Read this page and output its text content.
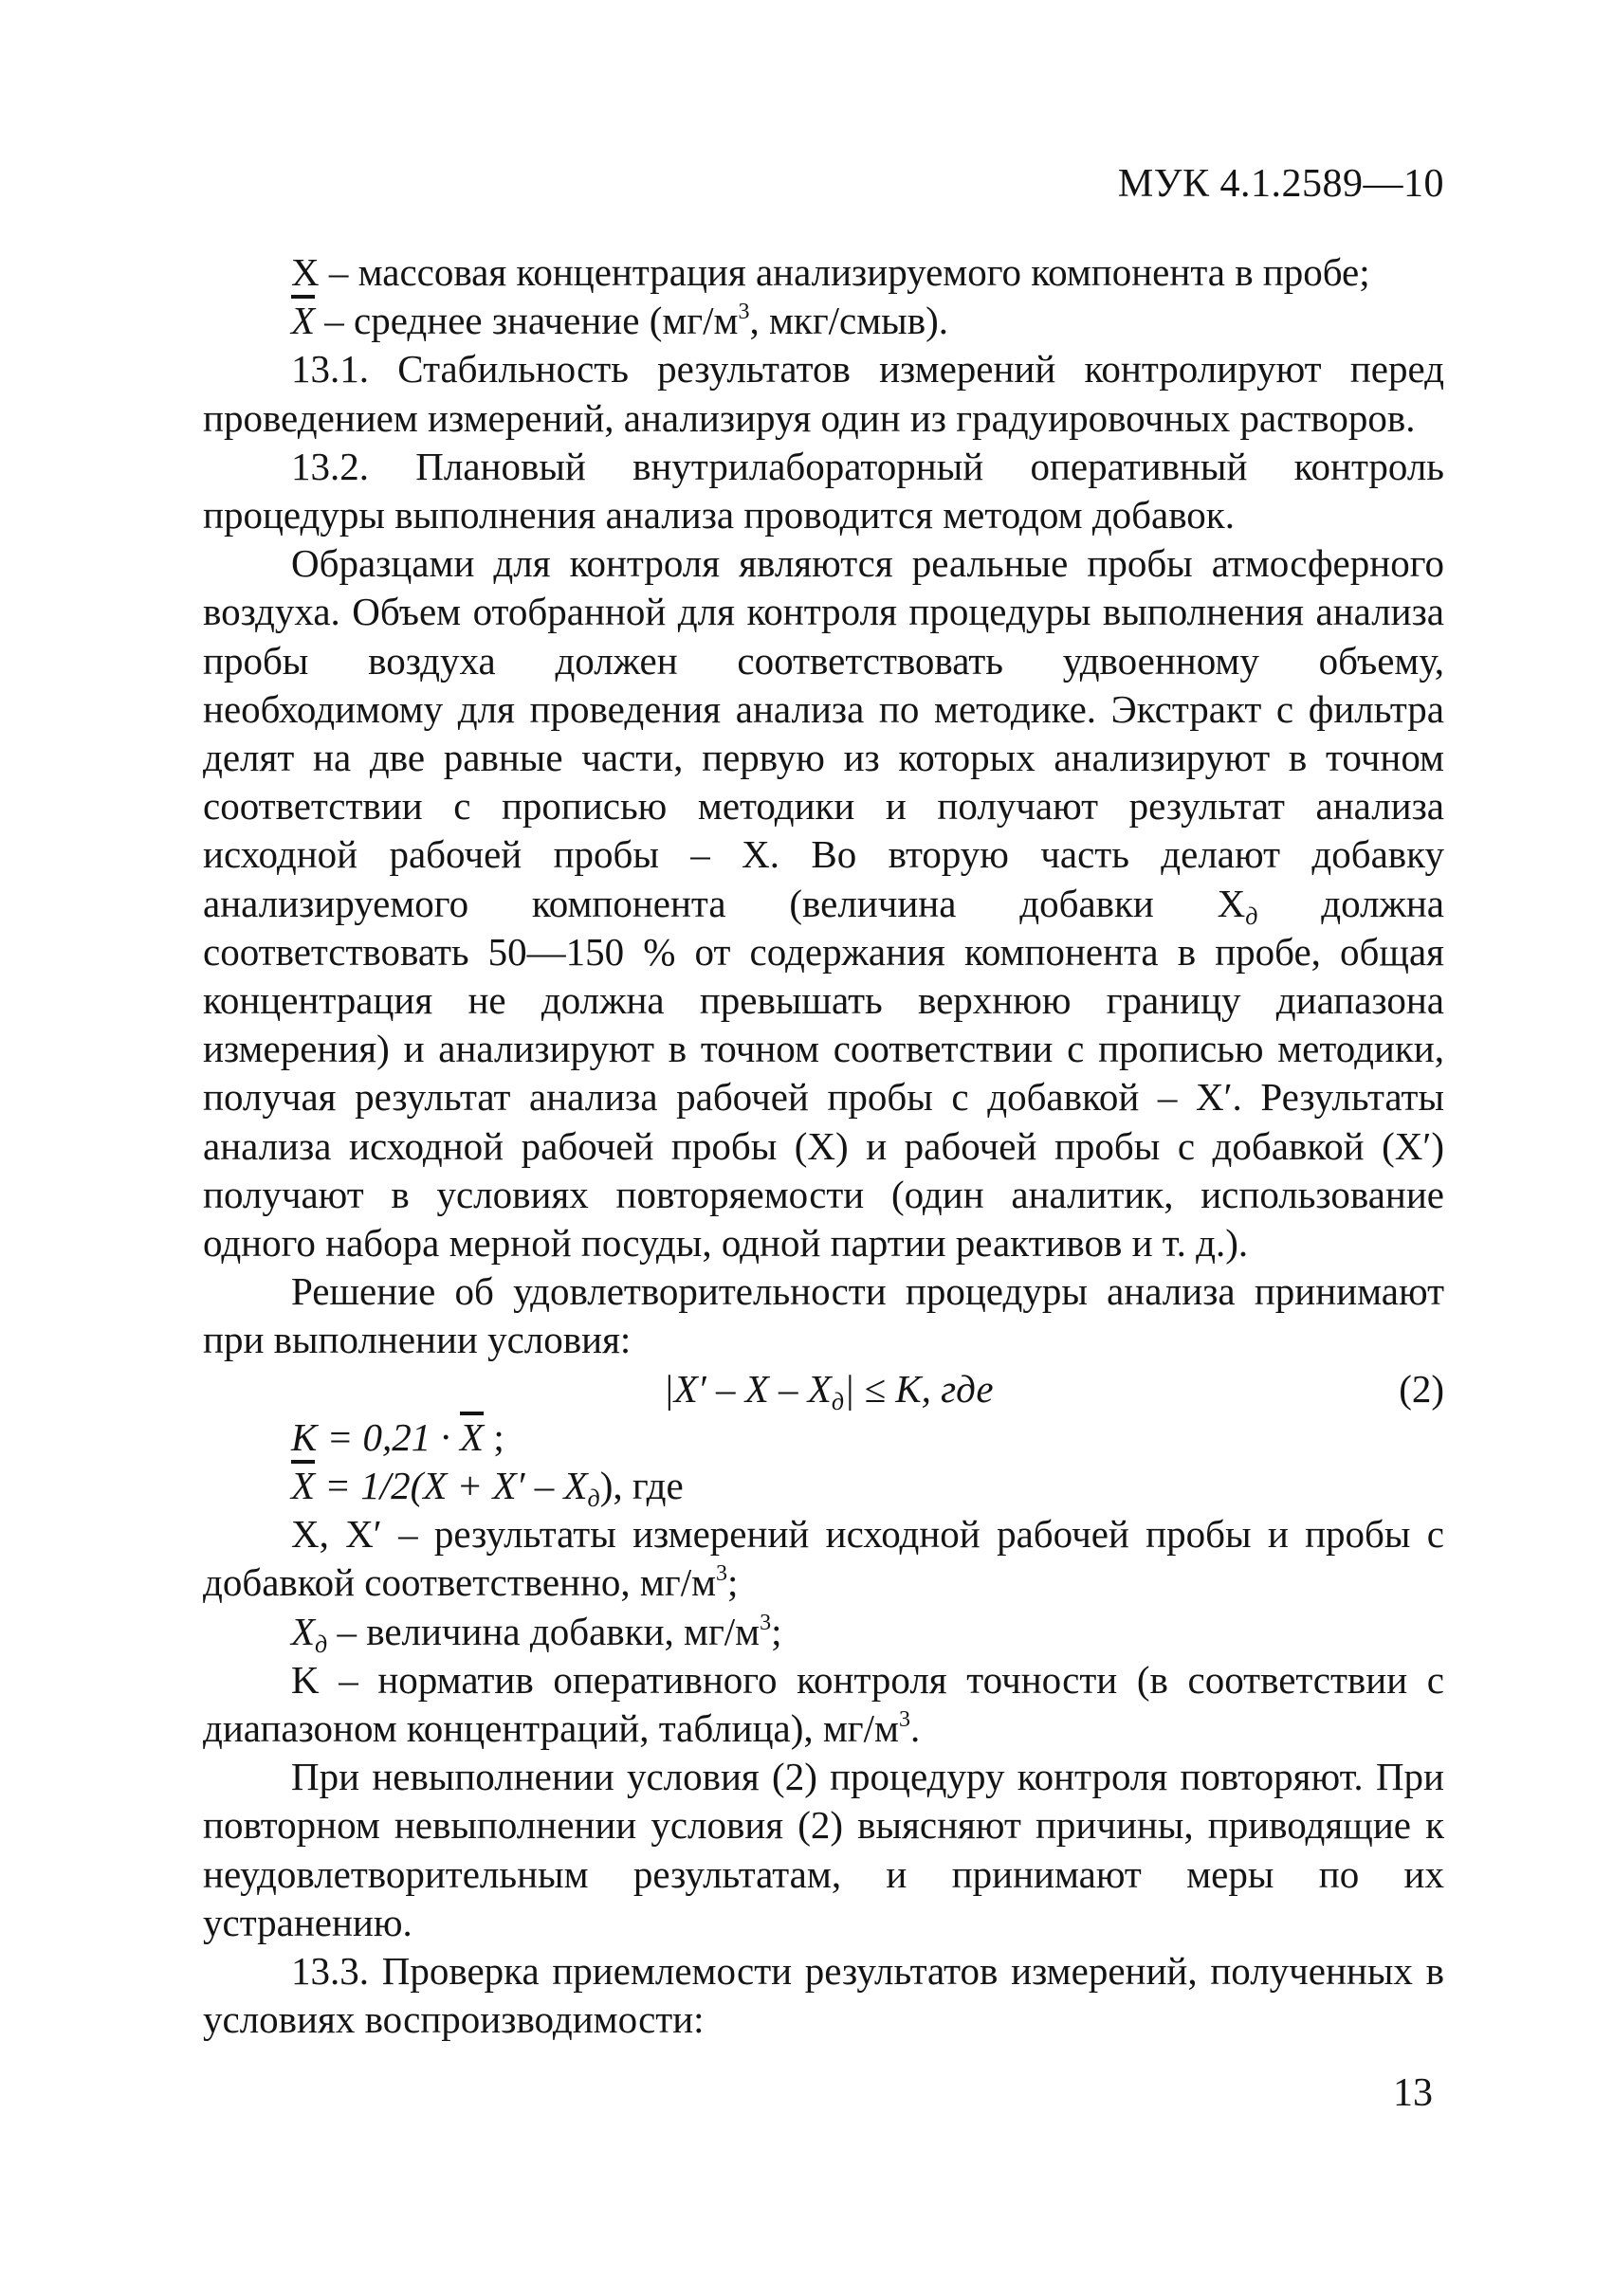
МУК 4.1.2589—10

X – массовая концентрация анализируемого компонента в пробе;

$\overline{X}$ – среднее значение ($мг/м^3$, мкг/смыв).

13.1. Стабильность результатов измерений контролируют перед проведением измерений, анализируя один из градуировочных растворов.

13.2. Плановый внутрилабораторный оперативный контроль процедуры выполнения анализа проводится методом добавок.

Образцами для контроля являются реальные пробы атмосферного воздуха. Объем отобранной для контроля процедуры выполнения анализа пробы воздуха должен соответствовать удвоенному объему, необходимому для проведения анализа по методике. Экстракт с фильтра делят на две равные части, первую из которых анализируют в точном соответствии с прописью методики и получают результат анализа исходной рабочей пробы – X. Во вторую часть делают добавку анализируемого компонента (величина добавки $X_д$ должна соответствовать 50—150 % от содержания компонента в пробе, общая концентрация не должна превышать верхнюю границу диапазона измерения) и анализируют в точном соответствии с прописью методики, получая результат анализа рабочей пробы с добавкой – X′. Результаты анализа исходной рабочей пробы (X) и рабочей пробы с добавкой (X′) получают в условиях повторяемости (один аналитик, использование одного набора мерной посуды, одной партии реактивов и т. д.).

Решение об удовлетворительности процедуры анализа принимают при выполнении условия:

$|X' - X - X_д| \le K$, где	(2)

$K = 0,21 \cdot \overline{X}$ ;

$\overline{X} = 1/2(X + X' - X_д)$, где

X, X′ – результаты измерений исходной рабочей пробы и пробы с добавкой соответственно, $мг/м^3$;

$X_д$ – величина добавки, $мг/м^3$;

K – норматив оперативного контроля точности (в соответствии с диапазоном концентраций, таблица), $мг/м^3$.

При невыполнении условия (2) процедуру контроля повторяют. При повторном невыполнении условия (2) выясняют причины, приводящие к неудовлетворительным результатам, и принимают меры по их устранению.

13.3. Проверка приемлемости результатов измерений, полученных в условиях воспроизводимости:

13
